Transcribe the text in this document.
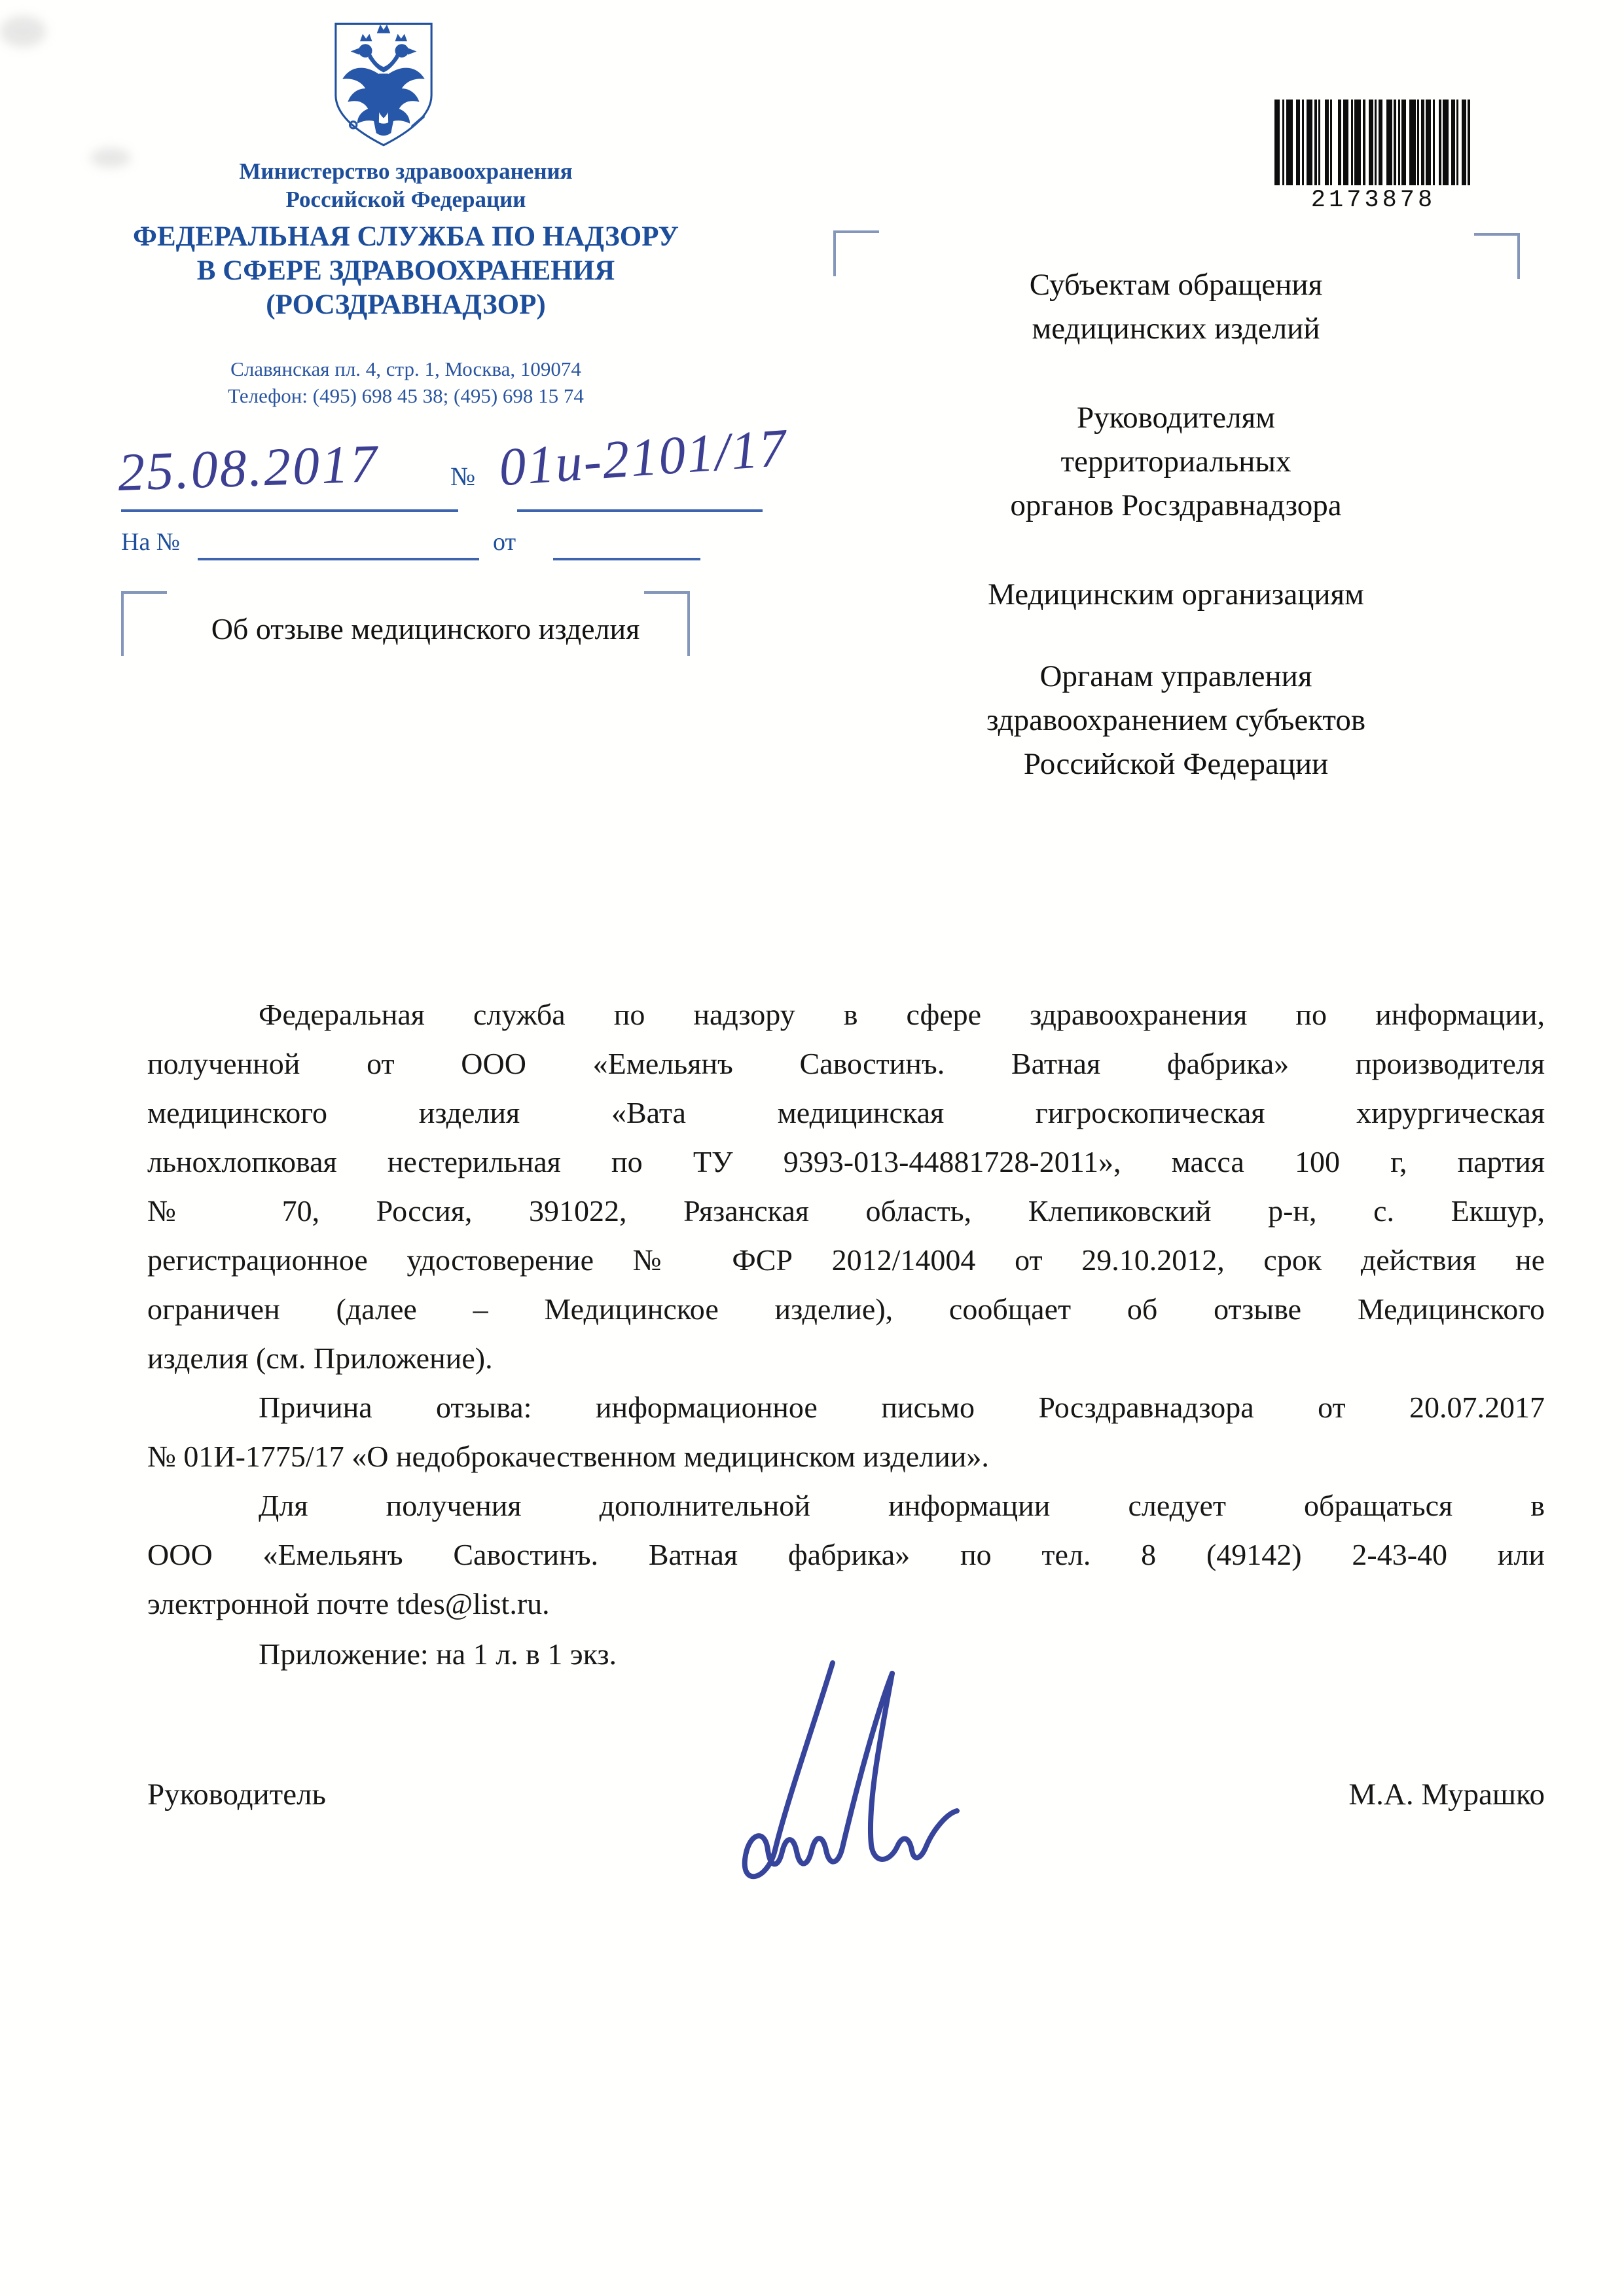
Министерство здравоохранения
Российской Федерации
ФЕДЕРАЛЬНАЯ СЛУЖБА ПО НАДЗОРУ
В СФЕРЕ ЗДРАВООХРАНЕНИЯ
(РОСЗДРАВНАДЗОР)
Славянская пл. 4, стр. 1, Москва, 109074
Телефон: (495) 698 45 38; (495) 698 15 74
2173878
25.08.2017	№ 01и-2101/17
На №	от
Об отзыве медицинского изделия
Субъектам обращения
медицинских изделий
Руководителям
территориальных
органов Росздравнадзора
Медицинским организациям
Органам управления
здравоохранением субъектов
Российской Федерации
Федеральная служба по надзору в сфере здравоохранения по информации,
полученной от ООО «Емельянъ Савостинъ. Ватная фабрика» производителя
медицинского изделия «Вата медицинская гигроскопическая хирургическая
льнохлопковая нестерильная по ТУ 9393-013-44881728-2011», масса 100 г, партия
№ 70, Россия, 391022, Рязанская область, Клепиковский р-н, с. Екшур,
регистрационное удостоверение № ФСР 2012/14004 от 29.10.2012, срок действия не
ограничен (далее – Медицинское изделие), сообщает об отзыве Медицинского
изделия (см. Приложение).
Причина отзыва: информационное письмо Росздравнадзора от 20.07.2017
№ 01И-1775/17 «О недоброкачественном медицинском изделии».
Для получения дополнительной информации следует обращаться в
ООО «Емельянъ Савостинъ. Ватная фабрика» по тел. 8 (49142) 2-43-40 или
электронной почте tdes@list.ru.
Приложение: на 1 л. в 1 экз.
Руководитель	М.А. Мурашко
